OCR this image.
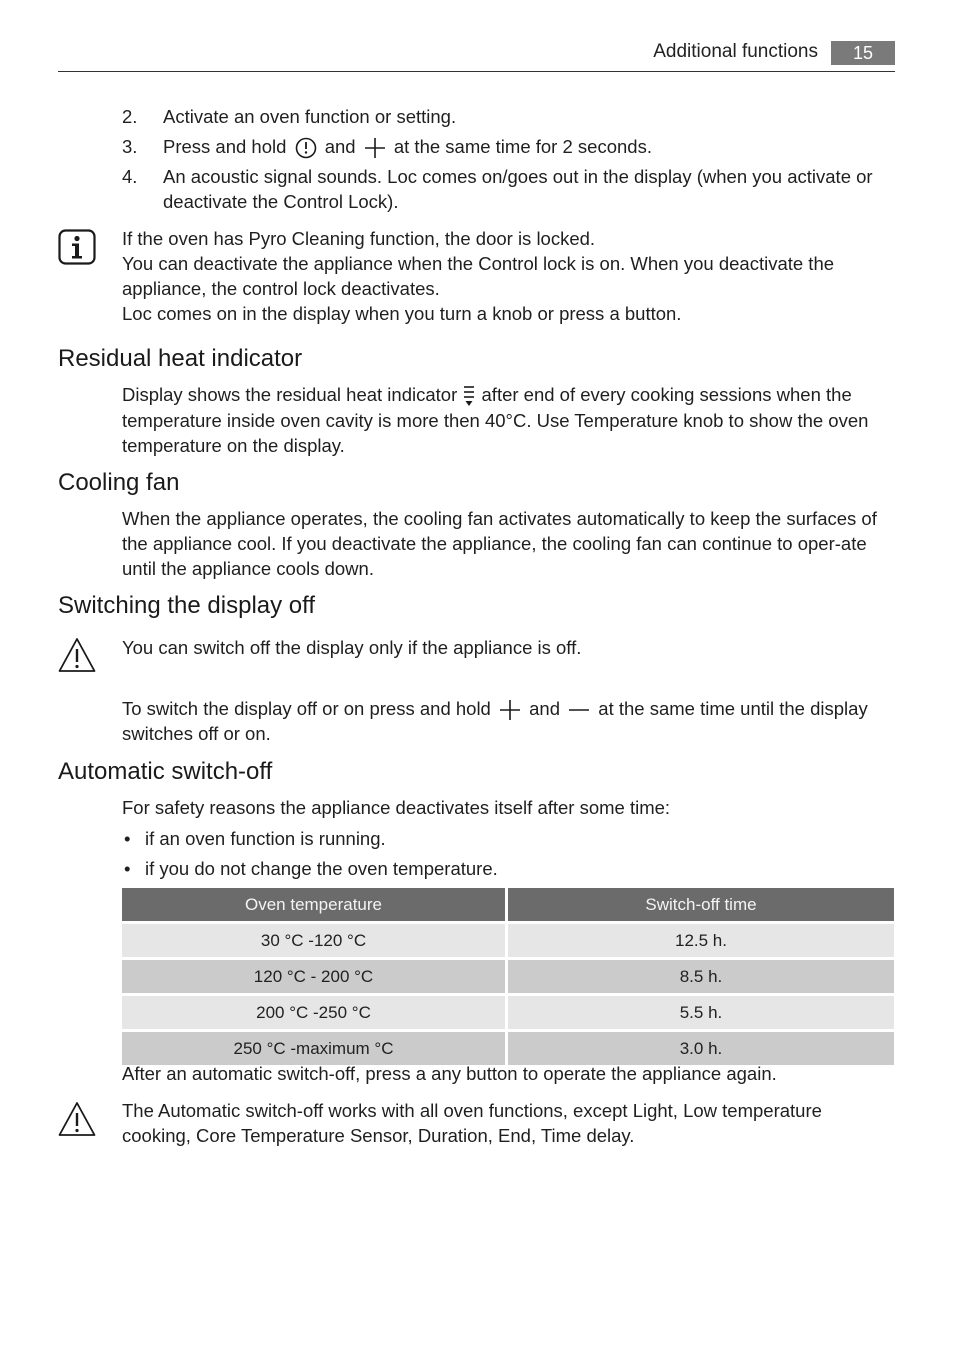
Additional functions	15
2. Activate an oven function or setting.
3. Press and hold and at the same time for 2 seconds.
4. An acoustic signal sounds. Loc comes on/goes out in the display (when you activate or deactivate the Control Lock).
If the oven has Pyro Cleaning function, the door is locked.
You can deactivate the appliance when the Control lock is on. When you deactivate the appliance, the control lock deactivates.
Loc comes on in the display when you turn a knob or press a button.
Residual heat indicator
Display shows the residual heat indicator after end of every cooking sessions when the temperature inside oven cavity is more then 40°C. Use Temperature knob to show the oven temperature on the display.
Cooling fan
When the appliance operates, the cooling fan activates automatically to keep the surfaces of the appliance cool. If you deactivate the appliance, the cooling fan can continue to oper-ate until the appliance cools down.
Switching the display off
You can switch off the display only if the appliance is off.
To switch the display off or on press and hold and at the same time until the display switches off or on.
Automatic switch-off
For safety reasons the appliance deactivates itself after some time:
• if an oven function is running.
• if you do not change the oven temperature.
Oven temperature	Switch-off time
30 °C -120 °C	12.5 h.
120 °C - 200 °C	8.5 h.
200 °C -250 °C	5.5 h.
250 °C -maximum °C	3.0 h.
After an automatic switch-off, press a any button to operate the appliance again.
The Automatic switch-off works with all oven functions, except Light, Low temperature cooking, Core Temperature Sensor, Duration, End, Time delay.
